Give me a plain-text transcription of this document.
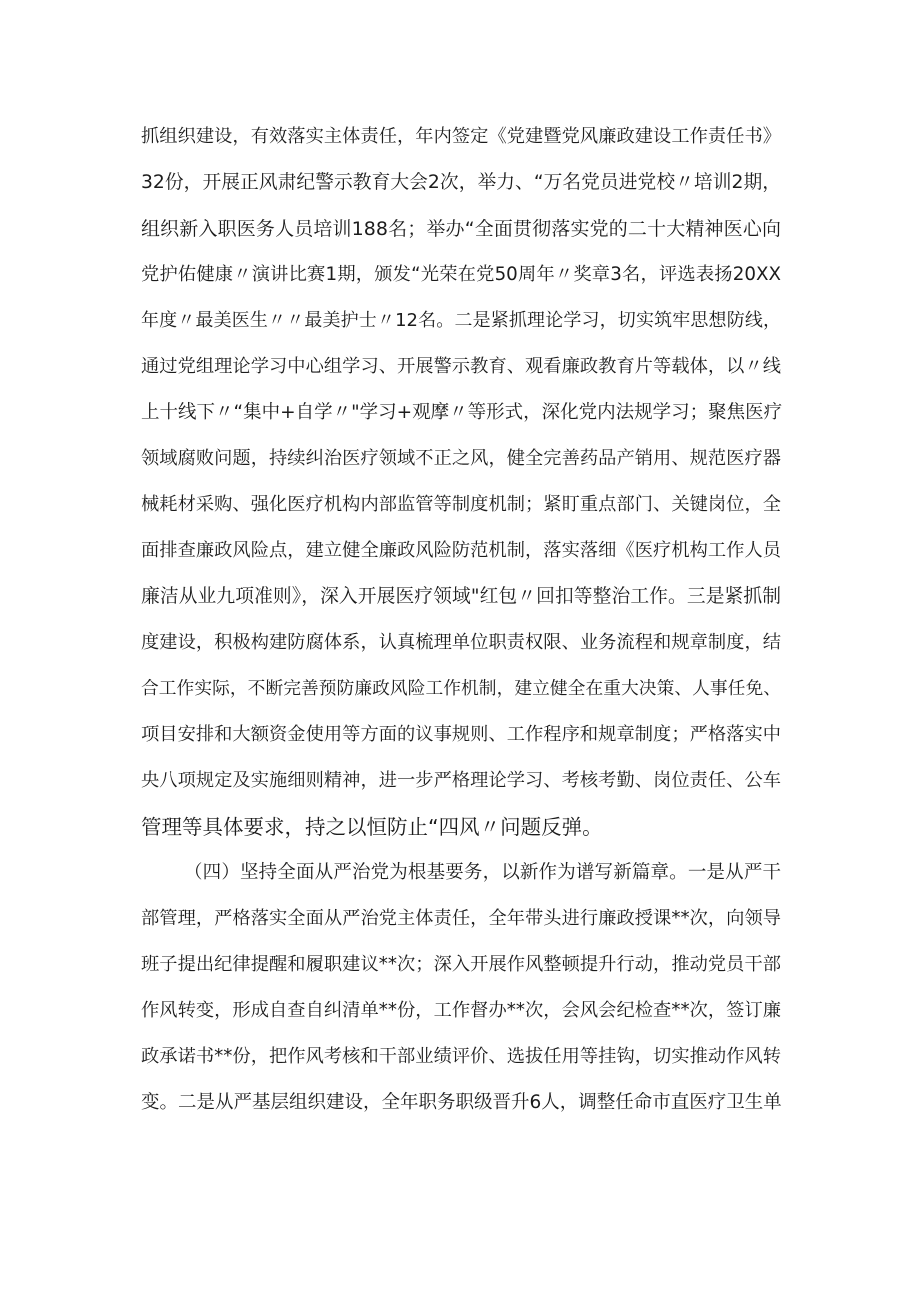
抓组织建设，有效落实主体责任，年内签定《党建暨党风廉政建设工作责任书》
32份，开展正风肃纪警示教育大会2次，举力、“万名党员进党校〃培训2期，
组织新入职医务人员培训188名；举办“全面贯彻落实党的二十大精神医心向
党护佑健康〃演讲比赛1期，颁发“光荣在党50周年〃奖章3名，评选表扬20XX
年度〃最美医生〃〃最美护士〃12名。二是紧抓理论学习，切实筑牢思想防线，
通过党组理论学习中心组学习、开展警示教育、观看廉政教育片等载体，以〃线
上十线下〃“集中+自学〃"学习+观摩〃等形式，深化党内法规学习；聚焦医疗
领域腐败问题，持续纠治医疗领域不正之风，健全完善药品产销用、规范医疗器
械耗材采购、强化医疗机构内部监管等制度机制；紧盯重点部门、关键岗位，全
面排查廉政风险点，建立健全廉政风险防范机制，落实落细《医疗机构工作人员
廉洁从业九项准则》，深入开展医疗领域"红包〃回扣等整治工作。三是紧抓制
度建设，积极构建防腐体系，认真梳理单位职责权限、业务流程和规章制度，结
合工作实际，不断完善预防廉政风险工作机制，建立健全在重大决策、人事任免、
项目安排和大额资金使用等方面的议事规则、工作程序和规章制度；严格落实中
央八项规定及实施细则精神，进一步严格理论学习、考核考勤、岗位责任、公车
管理等具体要求，持之以恒防止“四风〃问题反弹。
（四）坚持全面从严治党为根基要务，以新作为谱写新篇章。一是从严干
部管理，严格落实全面从严治党主体责任，全年带头进行廉政授课**次，向领导
班子提出纪律提醒和履职建议**次；深入开展作风整顿提升行动，推动党员干部
作风转变，形成自查自纠清单**份，工作督办**次，会风会纪检查**次，签订廉
政承诺书**份，把作风考核和干部业绩评价、选拔任用等挂钩，切实推动作风转
变。二是从严基层组织建设，全年职务职级晋升6人，调整任命市直医疗卫生单
